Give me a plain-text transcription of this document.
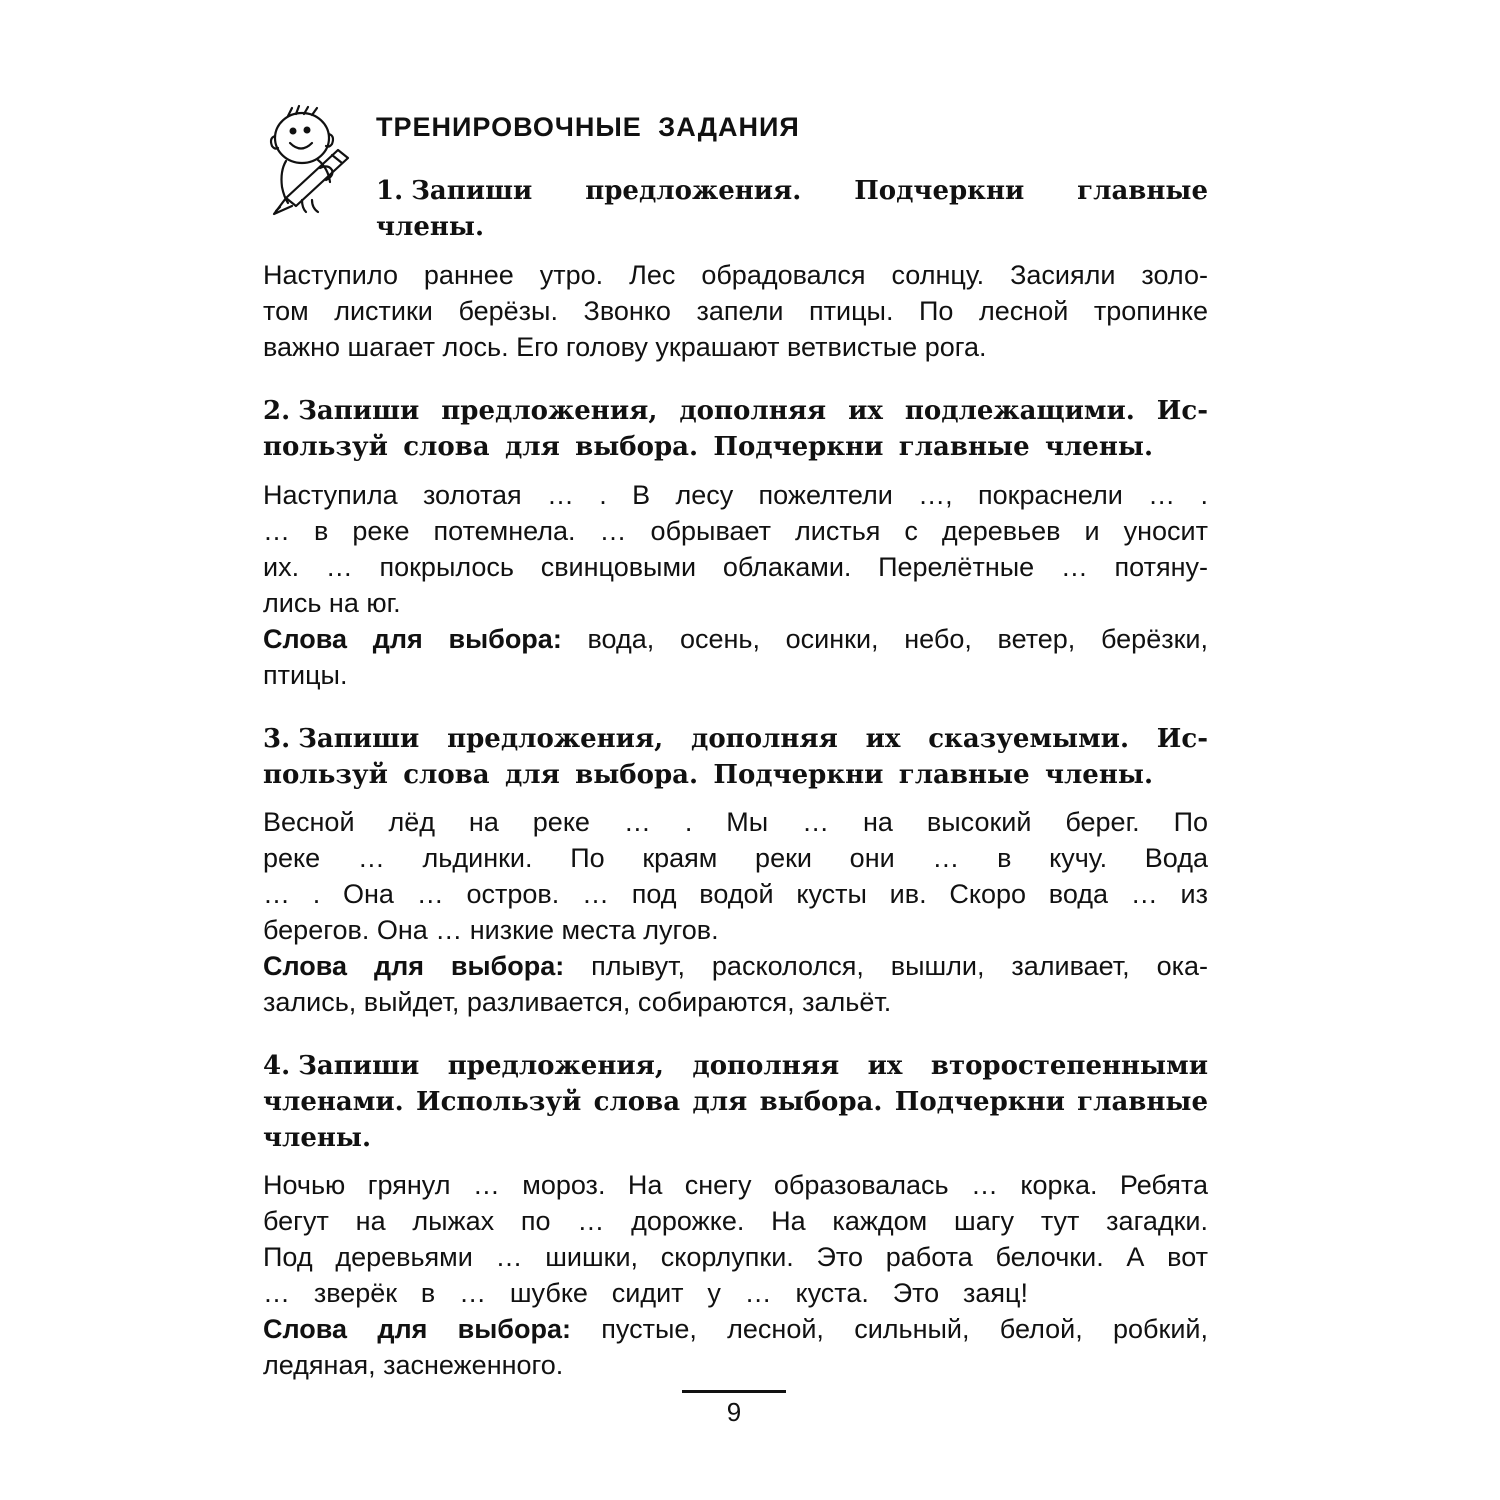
ТРЕНИРОВОЧНЫЕ ЗАДАНИЯ
1. Запиши предложения. Подчеркни главные
члены.
Наступило раннее утро. Лес обрадовался солнцу. Засияли золо-
том листики берёзы. Звонко запели птицы. По лесной тропинке
важно шагает лось. Его голову украшают ветвистые рога.
2. Запиши предложения, дополняя их подлежащими. Ис-
пользуй слова для выбора. Подчеркни главные члены.
Наступила золотая … . В лесу пожелтели …, покраснели … .
… в реке потемнела. … обрывает листья с деревьев и уносит
их. … покрылось свинцовыми облаками. Перелётные … потяну-
лись на юг.
Слова для выбора: вода, осень, осинки, небо, ветер, берёзки,
птицы.
3. Запиши предложения, дополняя их сказуемыми. Ис-
пользуй слова для выбора. Подчеркни главные члены.
Весной лёд на реке … . Мы … на высокий берег. По
реке … льдинки. По краям реки они … в кучу. Вода
… . Она … остров. … под водой кусты ив. Скоро вода … из
берегов. Она … низкие места лугов.
Слова для выбора: плывут, раскололся, вышли, заливает, ока-
зались, выйдет, разливается, собираются, зальёт.
4. Запиши предложения, дополняя их второстепенными
членами. Используй слова для выбора. Подчеркни главные
члены.
Ночью грянул … мороз. На снегу образовалась … корка. Ребята
бегут на лыжах по … дорожке. На каждом шагу тут загадки.
Под деревьями … шишки, скорлупки. Это работа белочки. А вот
… зверёк в … шубке сидит у … куста. Это заяц!
Слова для выбора: пустые, лесной, сильный, белой, робкий,
ледяная, заснеженного.
9
